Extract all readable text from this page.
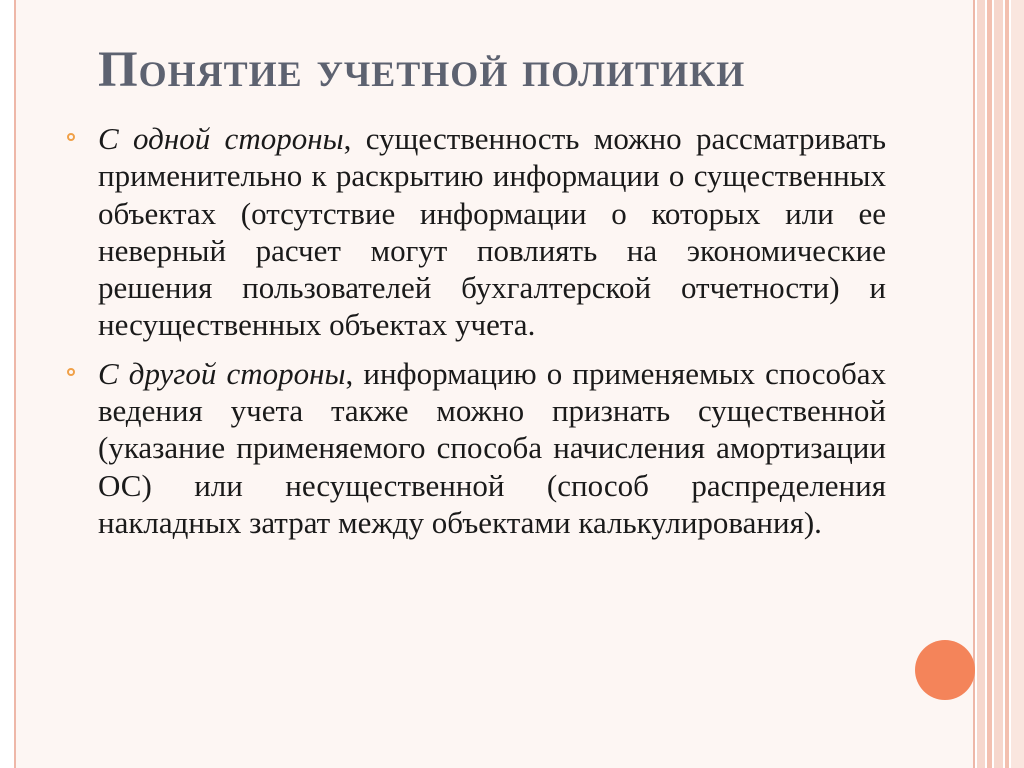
Понятие учетной политики
С одной стороны, существенность можно рассматривать применительно к раскрытию информации о существенных объектах (отсутствие информации о которых или ее неверный расчет могут повлиять на экономические решения пользователей бухгалтерской отчетности) и несущественных объектах учета.
С другой стороны, информацию о применяемых способах ведения учета также можно признать существенной (указание применяемого способа начисления амортизации ОС) или несущественной (способ распределения накладных затрат между объектами калькулирования).
